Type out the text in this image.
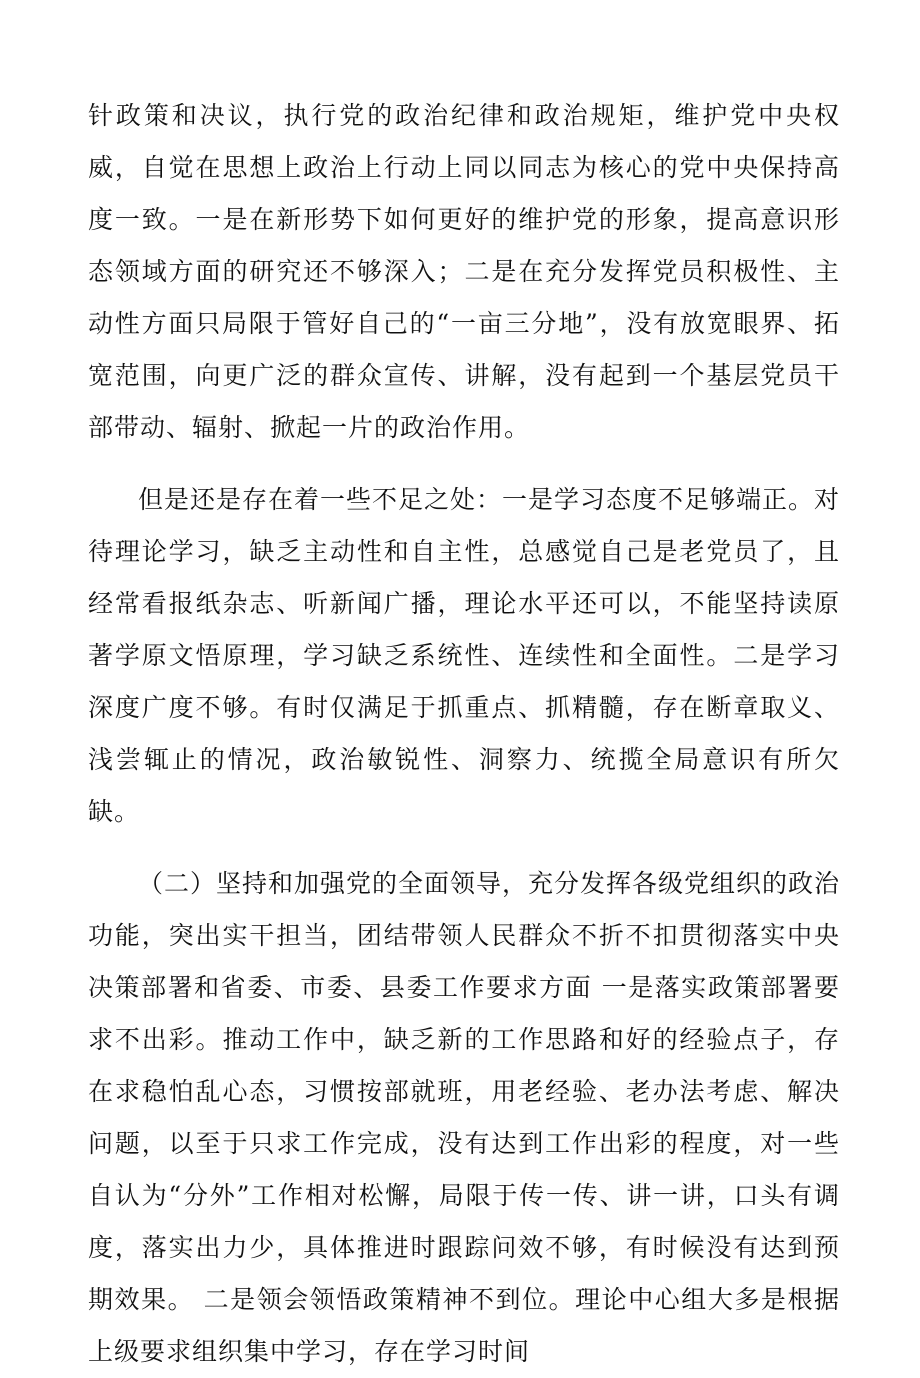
针政策和决议，执行党的政治纪律和政治规矩，维护党中央权威，自觉在思想上政治上行动上同以同志为核心的党中央保持高度一致。一是在新形势下如何更好的维护党的形象，提高意识形态领域方面的研究还不够深入；二是在充分发挥党员积极性、主动性方面只局限于管好自己的“一亩三分地”，没有放宽眼界、拓宽范围，向更广泛的群众宣传、讲解，没有起到一个基层党员干部带动、辐射、掀起一片的政治作用。

但是还是存在着一些不足之处：一是学习态度不足够端正。对待理论学习，缺乏主动性和自主性，总感觉自己是老党员了，且经常看报纸杂志、听新闻广播，理论水平还可以，不能坚持读原著学原文悟原理，学习缺乏系统性、连续性和全面性。二是学习深度广度不够。有时仅满足于抓重点、抓精髓，存在断章取义、浅尝辄止的情况，政治敏锐性、洞察力、统揽全局意识有所欠缺。

（二）坚持和加强党的全面领导，充分发挥各级党组织的政治功能，突出实干担当，团结带领人民群众不折不扣贯彻落实中央决策部署和省委、市委、县委工作要求方面 一是落实政策部署要求不出彩。推动工作中，缺乏新的工作思路和好的经验点子，存在求稳怕乱心态，习惯按部就班，用老经验、老办法考虑、解决问题，以至于只求工作完成，没有达到工作出彩的程度，对一些自认为“分外”工作相对松懈，局限于传一传、讲一讲，口头有调度，落实出力少，具体推进时跟踪问效不够，有时候没有达到预期效果。 二是领会领悟政策精神不到位。理论中心组大多是根据上级要求组织集中学习，存在学习时间
